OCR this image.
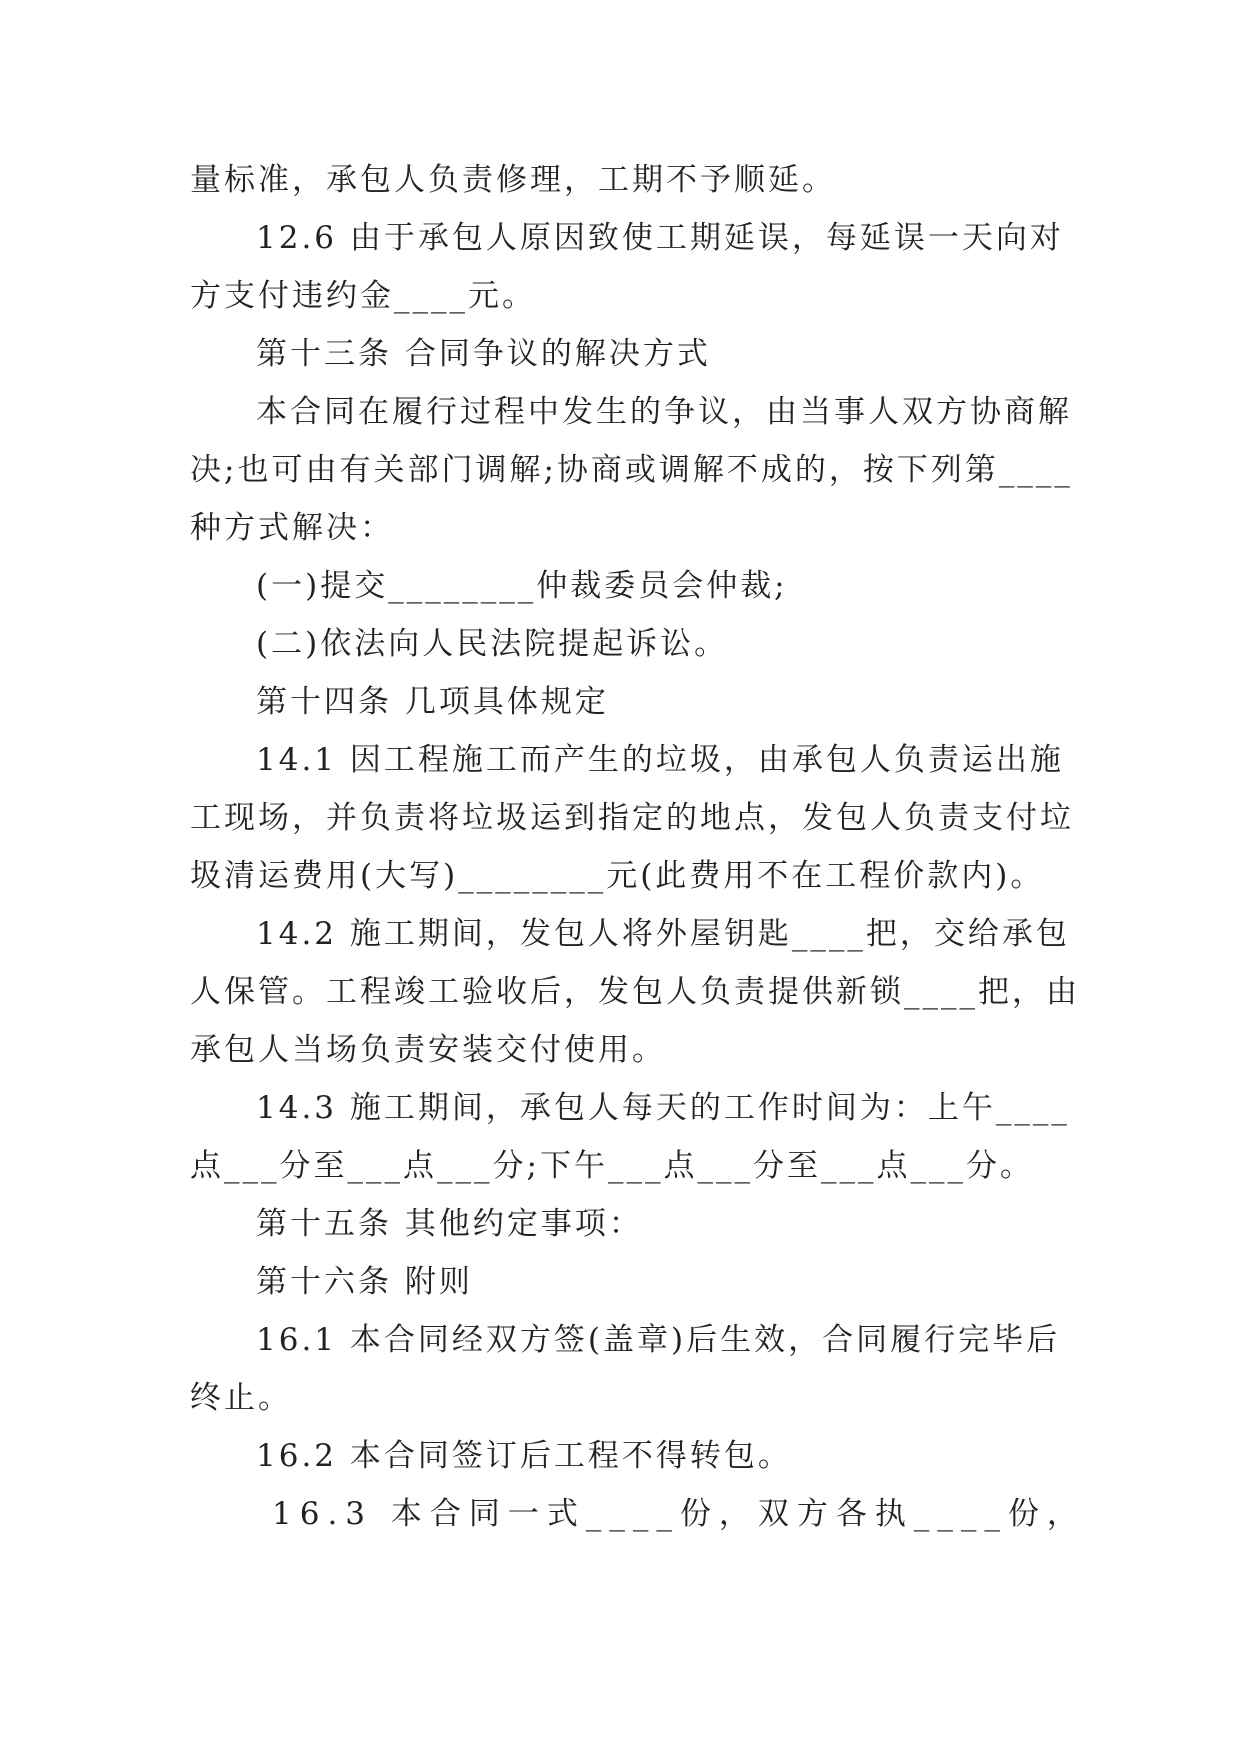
量标准，承包人负责修理，工期不予顺延。
12.6 由于承包人原因致使工期延误，每延误一天向对
方支付违约金____元。
第十三条 合同争议的解决方式
本合同在履行过程中发生的争议，由当事人双方协商解
决;也可由有关部门调解;协商或调解不成的，按下列第____
种方式解决：
(一)提交________仲裁委员会仲裁;
(二)依法向人民法院提起诉讼。
第十四条 几项具体规定
14.1 因工程施工而产生的垃圾，由承包人负责运出施
工现场，并负责将垃圾运到指定的地点，发包人负责支付垃
圾清运费用(大写)________元(此费用不在工程价款内)。
14.2 施工期间，发包人将外屋钥匙____把，交给承包
人保管。工程竣工验收后，发包人负责提供新锁____把，由
承包人当场负责安装交付使用。
14.3 施工期间，承包人每天的工作时间为：上午____
点___分至___点___分;下午___点___分至___点___分。
第十五条 其他约定事项：
第十六条 附则
16.1 本合同经双方签(盖章)后生效，合同履行完毕后
终止。
16.2 本合同签订后工程不得转包。
16.3 本合同一式____份，双方各执____份，
